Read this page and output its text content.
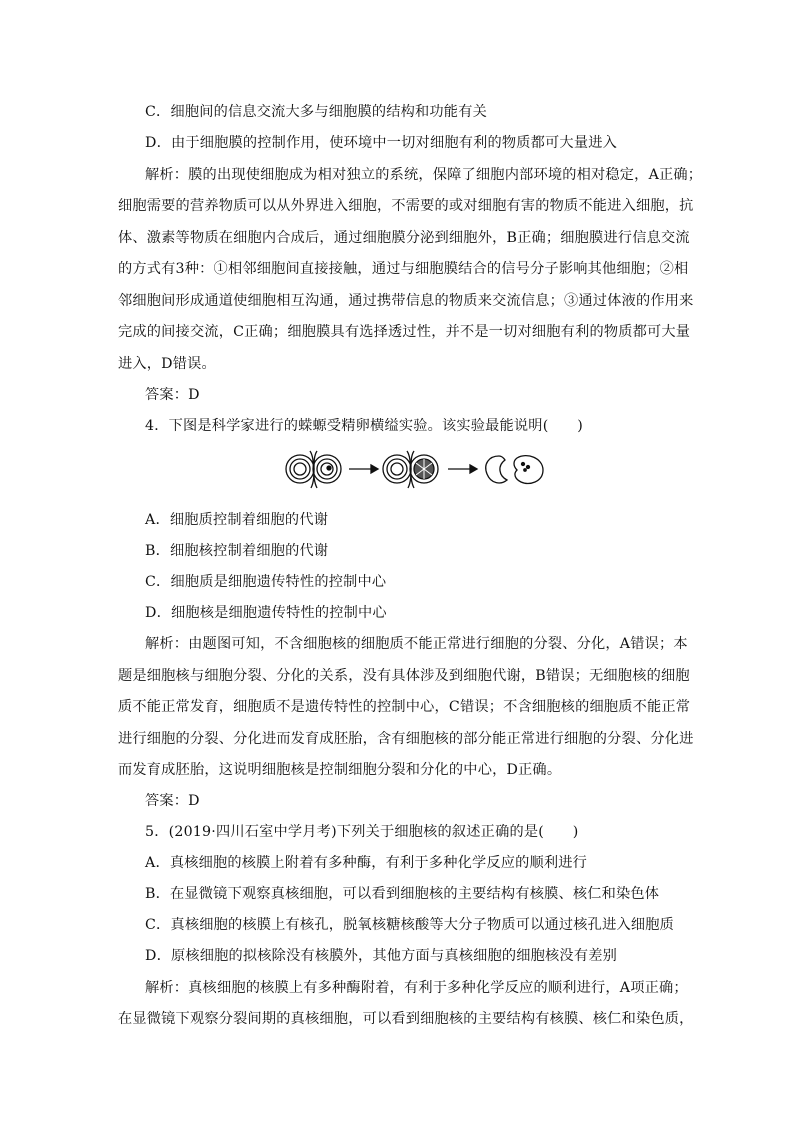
C．细胞间的信息交流大多与细胞膜的结构和功能有关
D．由于细胞膜的控制作用，使环境中一切对细胞有利的物质都可大量进入
解析：膜的出现使细胞成为相对独立的系统，保障了细胞内部环境的相对稳定，A正确；
细胞需要的营养物质可以从外界进入细胞，不需要的或对细胞有害的物质不能进入细胞，抗
体、激素等物质在细胞内合成后，通过细胞膜分泌到细胞外，B正确；细胞膜进行信息交流
的方式有3种：①相邻细胞间直接接触，通过与细胞膜结合的信号分子影响其他细胞；②相
邻细胞间形成通道使细胞相互沟通，通过携带信息的物质来交流信息；③通过体液的作用来
完成的间接交流，C正确；细胞膜具有选择透过性，并不是一切对细胞有利的物质都可大量
进入，D错误。
答案：D
4．下图是科学家进行的蝾螈受精卵横缢实验。该实验最能说明(　　)
A．细胞质控制着细胞的代谢
B．细胞核控制着细胞的代谢
C．细胞质是细胞遗传特性的控制中心
D．细胞核是细胞遗传特性的控制中心
解析：由题图可知，不含细胞核的细胞质不能正常进行细胞的分裂、分化，A错误；本
题是细胞核与细胞分裂、分化的关系，没有具体涉及到细胞代谢，B错误；无细胞核的细胞
质不能正常发育，细胞质不是遗传特性的控制中心，C错误；不含细胞核的细胞质不能正常
进行细胞的分裂、分化进而发育成胚胎，含有细胞核的部分能正常进行细胞的分裂、分化进
而发育成胚胎，这说明细胞核是控制细胞分裂和分化的中心，D正确。
答案：D
5．(2019·四川石室中学月考)下列关于细胞核的叙述正确的是(　　)
A．真核细胞的核膜上附着有多种酶，有利于多种化学反应的顺利进行
B．在显微镜下观察真核细胞，可以看到细胞核的主要结构有核膜、核仁和染色体
C．真核细胞的核膜上有核孔，脱氧核糖核酸等大分子物质可以通过核孔进入细胞质
D．原核细胞的拟核除没有核膜外，其他方面与真核细胞的细胞核没有差别
解析：真核细胞的核膜上有多种酶附着，有利于多种化学反应的顺利进行，A项正确；
在显微镜下观察分裂间期的真核细胞，可以看到细胞核的主要结构有核膜、核仁和染色质，
